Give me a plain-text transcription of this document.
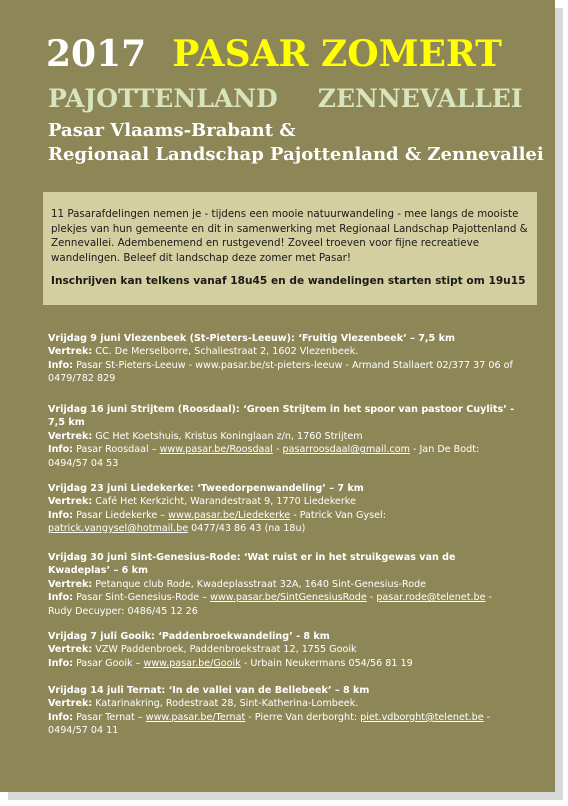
2017 PASAR ZOMERT
PAJOTTENLAND ZENNEVALLEI
Pasar Vlaams-Brabant &
Regionaal Landschap Pajottenland & Zennevallei

11 Pasarafdelingen nemen je - tijdens een mooie natuurwandeling - mee langs de mooiste plekjes van hun gemeente en dit in samenwerking met Regionaal Landschap Pajottenland & Zennevallei. Adembenemend en rustgevend! Zoveel troeven voor fijne recreatieve wandelingen. Beleef dit landschap deze zomer met Pasar!

Inschrijven kan telkens vanaf 18u45 en de wandelingen starten stipt om 19u15

Vrijdag 9 juni Vlezenbeek (St-Pieters-Leeuw): ‘Fruitig Vlezenbeek’ – 7,5 km
Vertrek: CC. De Merselborre, Schaliestraat 2, 1602 Vlezenbeek.
Info: Pasar St-Pieters-Leeuw - www.pasar.be/st-pieters-leeuw - Armand Stallaert 02/377 37 06 of 0479/782 829
Vrijdag 16 juni Strijtem (Roosdaal): ‘Groen Strijtem in het spoor van pastoor Cuylits’ - 7,5 km
Vertrek: GC Het Koetshuis, Kristus Koninglaan z/n, 1760 Strijtem
Info: Pasar Roosdaal – www.pasar.be/Roosdaal - pasarroosdaal@gmail.com - Jan De Bodt: 0494/57 04 53
Vrijdag 23 juni Liedekerke: ‘Tweedorpenwandeling’ – 7 km
Vertrek: Café Het Kerkzicht, Warandestraat 9, 1770 Liedekerke
Info: Pasar Liedekerke – www.pasar.be/Liedekerke - Patrick Van Gysel: patrick.vangysel@hotmail.be 0477/43 86 43 (na 18u)
Vrijdag 30 juni Sint-Genesius-Rode: ‘Wat ruist er in het struikgewas van de Kwadeplas’ – 6 km
Vertrek: Petanque club Rode, Kwadeplasstraat 32A, 1640 Sint-Genesius-Rode
Info: Pasar Sint-Genesius-Rode – www.pasar.be/SintGenesiusRode - pasar.rode@telenet.be - Rudy Decuyper: 0486/45 12 26
Vrijdag 7 juli Gooik: ‘Paddenbroekwandeling’ - 8 km
Vertrek: VZW Paddenbroek, Paddenbroekstraat 12, 1755 Gooik
Info: Pasar Gooik – www.pasar.be/Gooik - Urbain Neukermans 054/56 81 19
Vrijdag 14 juli Ternat: ‘In de vallei van de Bellebeek’ – 8 km
Vertrek: Katarinakring, Rodestraat 28, Sint-Katherina-Lombeek.
Info: Pasar Ternat – www.pasar.be/Ternat - Pierre Van derborght: piet.vdborght@telenet.be - 0494/57 04 11
